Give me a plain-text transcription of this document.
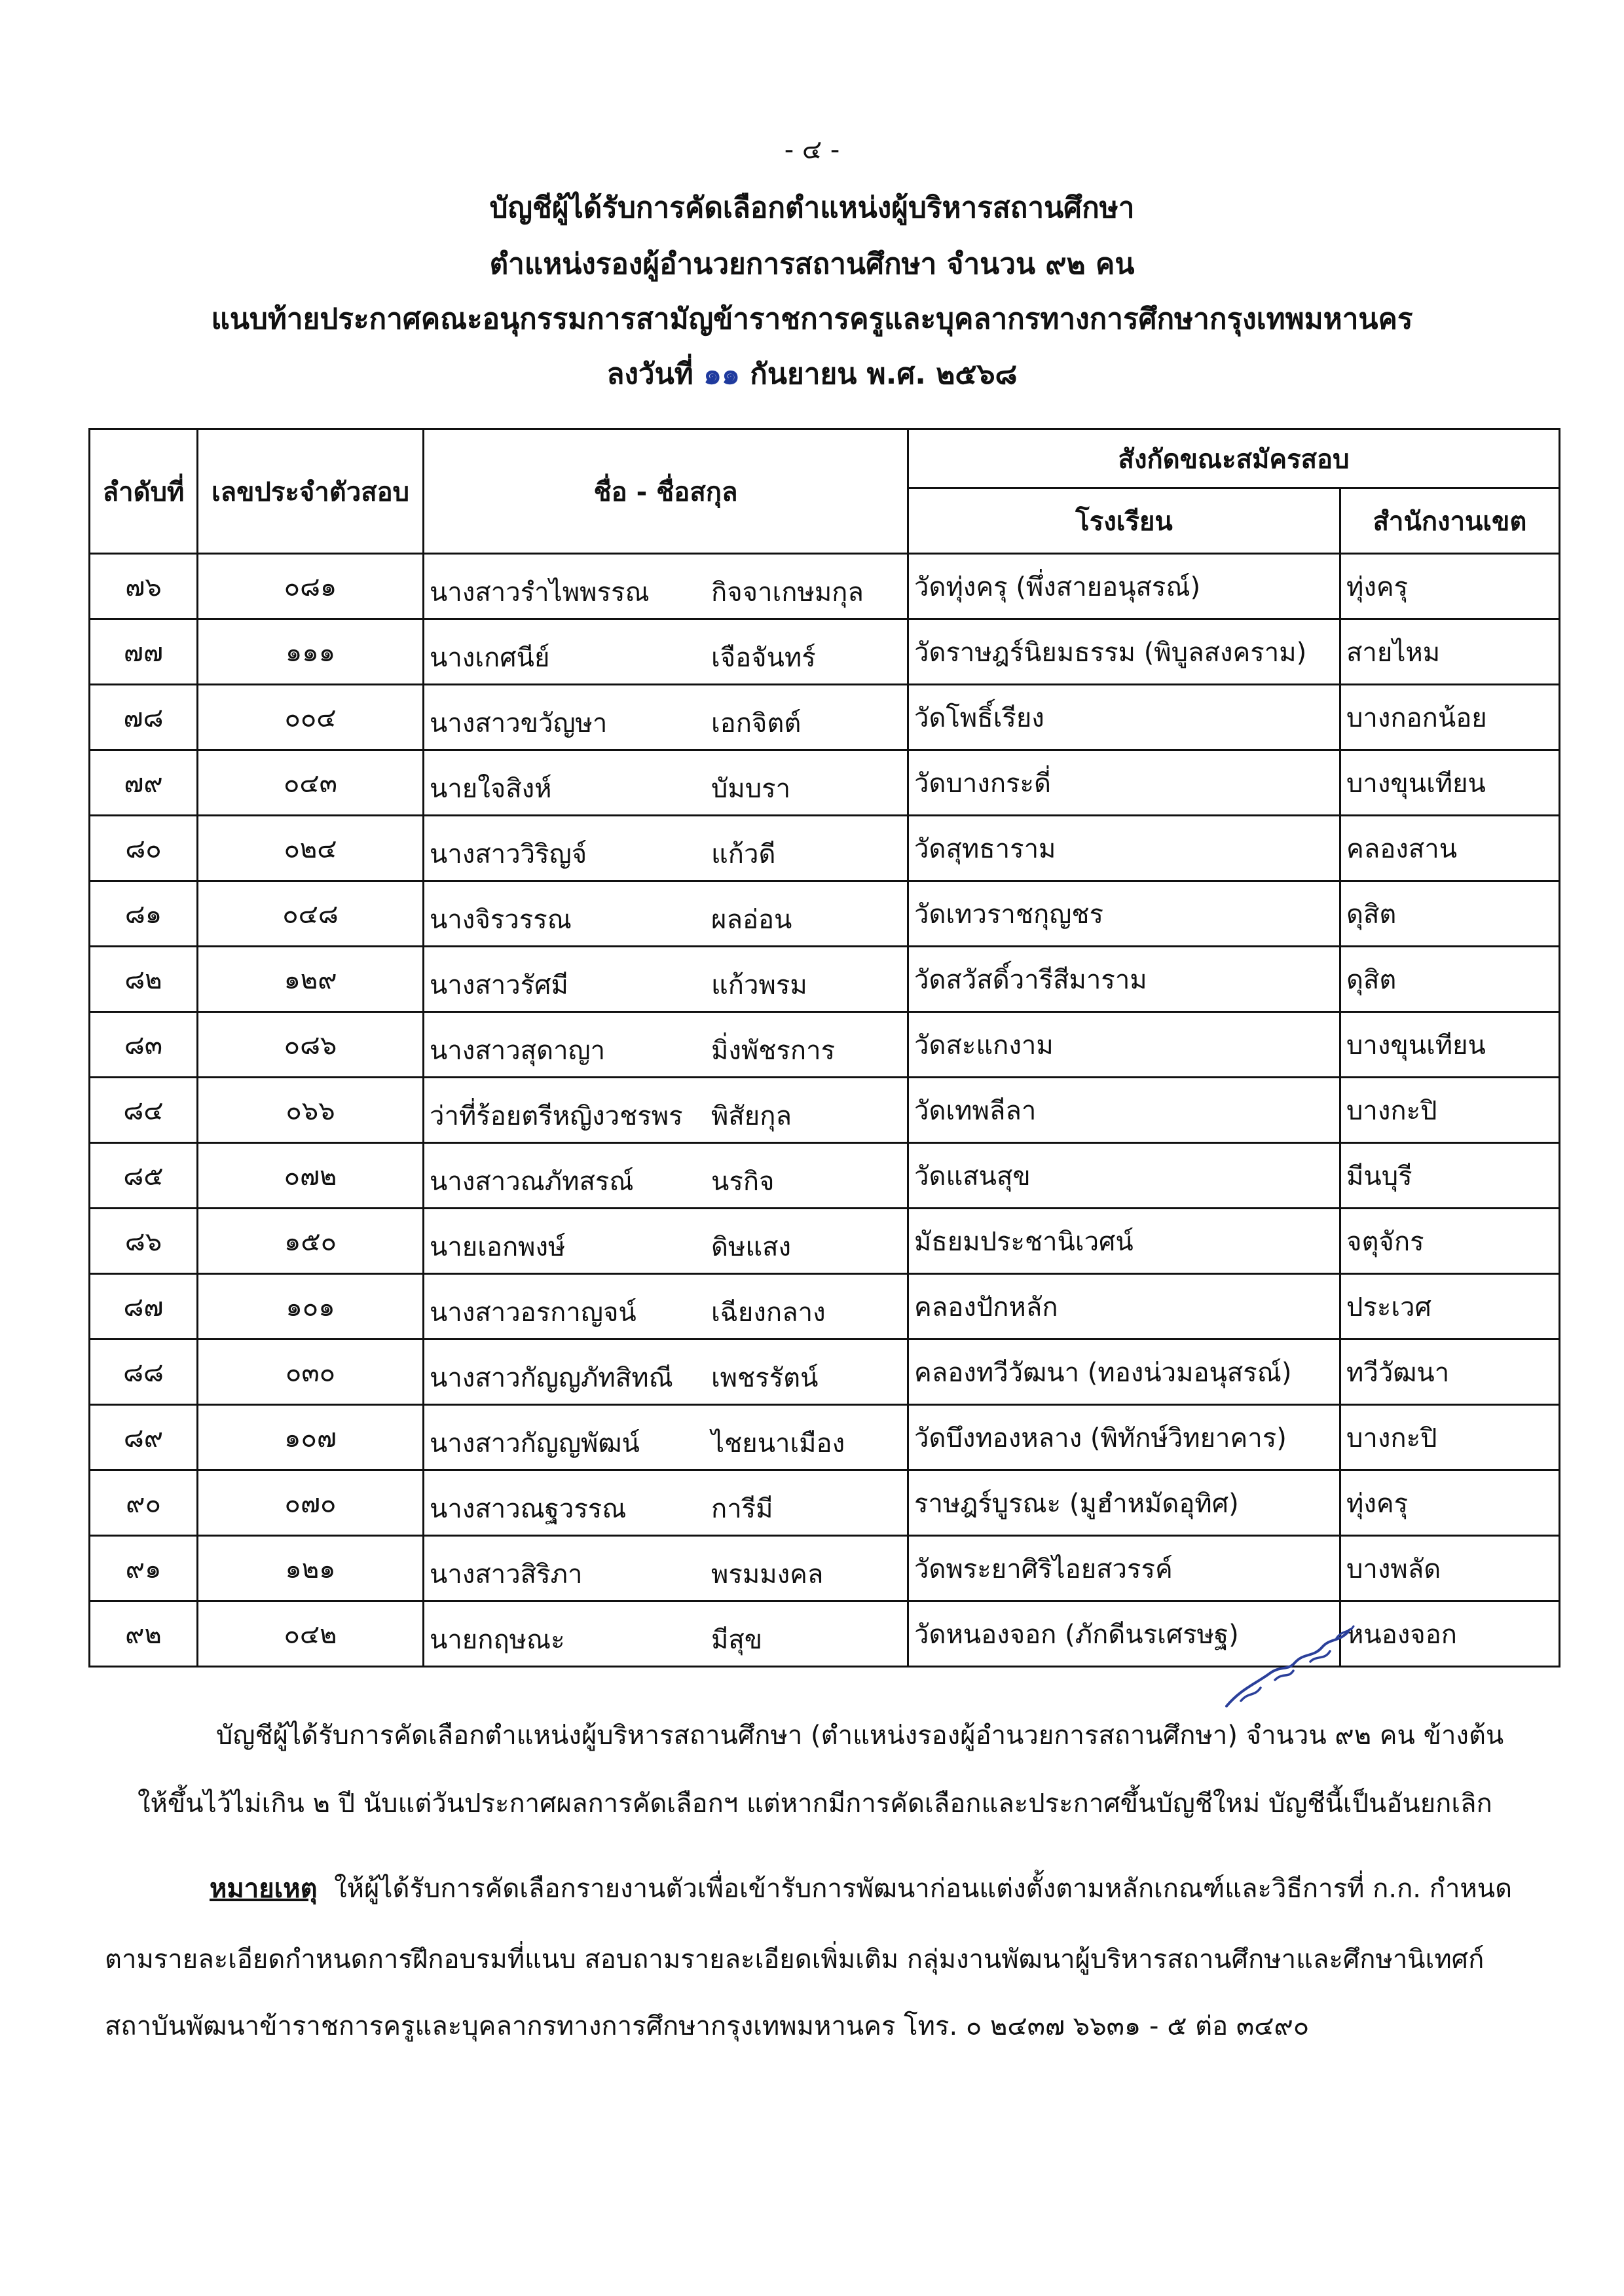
- ๔ -
บัญชีผู้ได้รับการคัดเลือกตำแหน่งผู้บริหารสถานศึกษา
ตำแหน่งรองผู้อำนวยการสถานศึกษา จำนวน ๙๒ คน
แนบท้ายประกาศคณะอนุกรรมการสามัญข้าราชการครูและบุคลากรทางการศึกษากรุงเทพมหานคร
ลงวันที่ ๑๑ กันยายน พ.ศ. ๒๕๖๘
ลำดับที่	เลขประจำตัวสอบ	ชื่อ - ชื่อสกุล	สังกัดขณะสมัครสอบ	
			โรงเรียน	สำนักงานเขต
๗๖	๐๘๑	นางสาวรำไพพรรณ กิจจาเกษมกุล	วัดทุ่งครุ (พึ่งสายอนุสรณ์)	ทุ่งครุ
๗๗	๑๑๑	นางเกศนีย์ เจือจันทร์	วัดราษฎร์นิยมธรรม (พิบูลสงคราม)	สายไหม
๗๘	๐๐๔	นางสาวขวัญษา เอกจิตต์	วัดโพธิ์เรียง	บางกอกน้อย
๗๙	๐๔๓	นายใจสิงห์ บัมบรา	วัดบางกระดี่	บางขุนเทียน
๘๐	๐๒๔	นางสาววิริญจ์ แก้วดี	วัดสุทธาราม	คลองสาน
๘๑	๐๔๘	นางจิรวรรณ ผลอ่อน	วัดเทวราชกุญชร	ดุสิต
๘๒	๑๒๙	นางสาวรัศมี แก้วพรม	วัดสวัสดิ์วารีสีมาราม	ดุสิต
๘๓	๐๘๖	นางสาวสุดาญา มิ่งพัชรการ	วัดสะแกงาม	บางขุนเทียน
๘๔	๐๖๖	ว่าที่ร้อยตรีหญิงวชรพร พิสัยกุล	วัดเทพลีลา	บางกะปิ
๘๕	๐๗๒	นางสาวณภัทสรณ์ นรกิจ	วัดแสนสุข	มีนบุรี
๘๖	๑๕๐	นายเอกพงษ์ ดิษแสง	มัธยมประชานิเวศน์	จตุจักร
๘๗	๑๐๑	นางสาวอรกาญจน์ เฉียงกลาง	คลองปักหลัก	ประเวศ
๘๘	๐๓๐	นางสาวกัญญภัทสิทณี เพชรรัตน์	คลองทวีวัฒนา (ทองน่วมอนุสรณ์)	ทวีวัฒนา
๘๙	๑๐๗	นางสาวกัญญพัฒน์ ไชยนาเมือง	วัดบึงทองหลาง (พิทักษ์วิทยาคาร)	บางกะปิ
๙๐	๐๗๐	นางสาวณฐวรรณ การีมี	ราษฎร์บูรณะ (มูฮำหมัดอุทิศ)	ทุ่งครุ
๙๑	๑๒๑	นางสาวสิริภา พรมมงคล	วัดพระยาศิริไอยสวรรค์	บางพลัด
๙๒	๐๔๒	นายกฤษณะ มีสุข	วัดหนองจอก (ภักดีนรเศรษฐ)	หนองจอก
บัญชีผู้ได้รับการคัดเลือกตำแหน่งผู้บริหารสถานศึกษา (ตำแหน่งรองผู้อำนวยการสถานศึกษา) จำนวน ๙๒ คน ข้างต้น
ให้ขึ้นไว้ไม่เกิน ๒ ปี นับแต่วันประกาศผลการคัดเลือกฯ แต่หากมีการคัดเลือกและประกาศขึ้นบัญชีใหม่ บัญชีนี้เป็นอันยกเลิก
หมายเหตุ ให้ผู้ได้รับการคัดเลือกรายงานตัวเพื่อเข้ารับการพัฒนาก่อนแต่งตั้งตามหลักเกณฑ์และวิธีการที่ ก.ก. กำหนด
ตามรายละเอียดกำหนดการฝึกอบรมที่แนบ สอบถามรายละเอียดเพิ่มเติม กลุ่มงานพัฒนาผู้บริหารสถานศึกษาและศึกษานิเทศก์
สถาบันพัฒนาข้าราชการครูและบุคลากรทางการศึกษากรุงเทพมหานคร โทร. ๐ ๒๔๓๗ ๖๖๓๑ - ๕ ต่อ ๓๔๙๐
